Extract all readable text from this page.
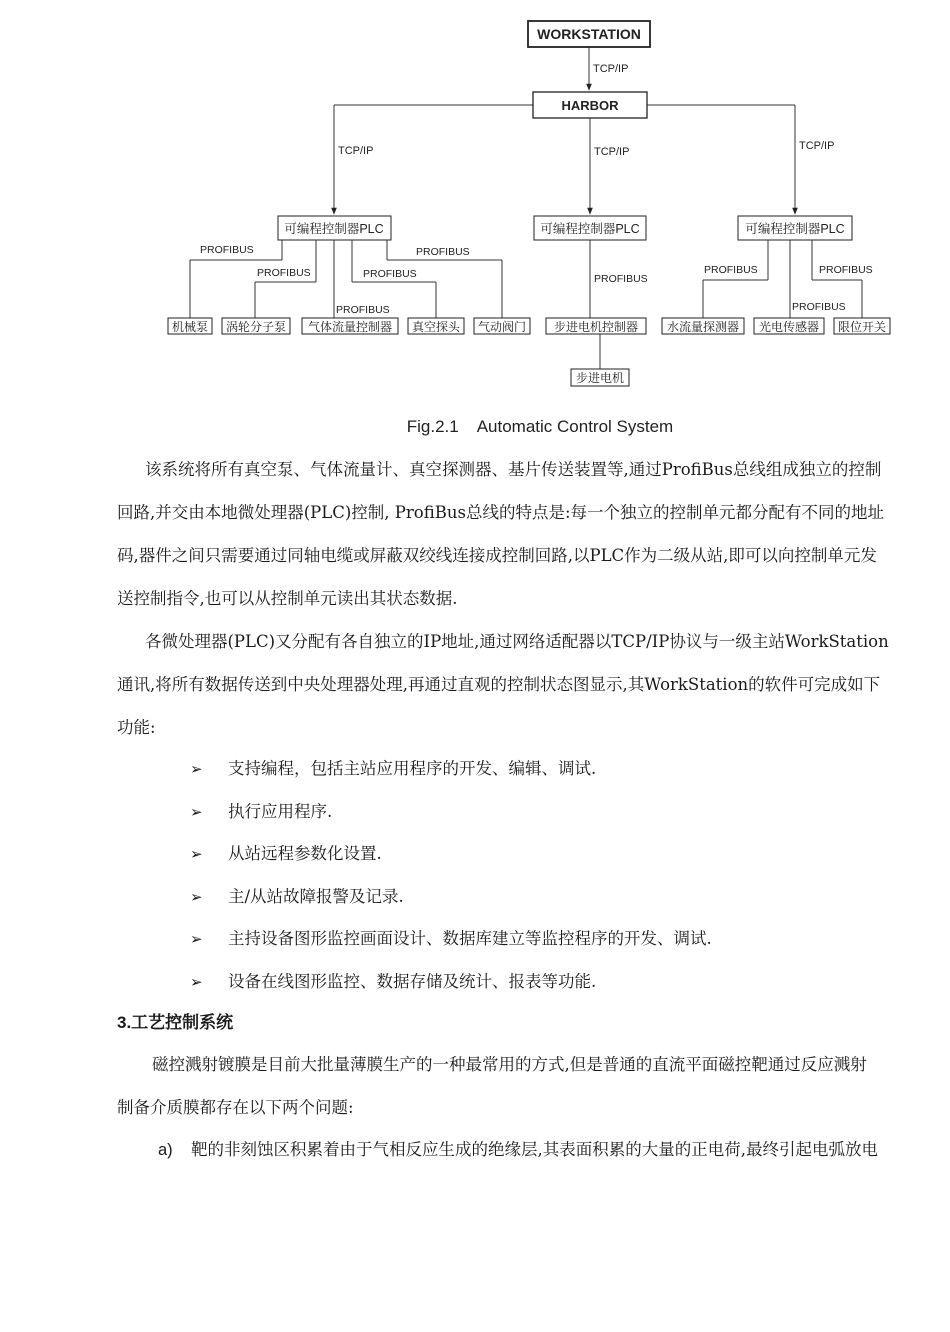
WORKSTATION
HARBOR
TCP/IP
TCP/IP	TCP/IP	TCP/IP
可编程控制器PLC	可编程控制器PLC	可编程控制器PLC
PROFIBUS
PROFIBUS
PROFIBUS
PROFIBUS
PROFIBUS
PROFIBUS
PROFIBUS
PROFIBUS
PROFIBUS
机械泵 涡轮分子泵 气体流量控制器 真空探头 气动阀门 步进电机控制器
步进电机
水流量探测器 光电传感器 限位开关
Fig.2.1    Automatic Control System

该系统将所有真空泵、气体流量计、真空探测器、基片传送装置等,通过ProfiBus总线组成独立的控制
回路,并交由本地微处理器(PLC)控制, ProfiBus总线的特点是:每一个独立的控制单元都分配有不同的地址
码,器件之间只需要通过同轴电缆或屏蔽双绞线连接成控制回路,以PLC作为二级从站,即可以向控制单元发
送控制指令,也可以从控制单元读出其状态数据.

各微处理器(PLC)又分配有各自独立的IP地址,通过网络适配器以TCP/IP协议与一级主站WorkStation
通讯,将所有数据传送到中央处理器处理,再通过直观的控制状态图显示,其WorkStation的软件可完成如下
功能:

➢ 支持编程，包括主站应用程序的开发、编辑、调试.
➢ 执行应用程序.
➢ 从站远程参数化设置.
➢ 主/从站故障报警及记录.
➢ 主持设备图形监控画面设计、数据库建立等监控程序的开发、调试.
➢ 设备在线图形监控、数据存储及统计、报表等功能.
3.工艺控制系统

磁控溅射镀膜是目前大批量薄膜生产的一种最常用的方式,但是普通的直流平面磁控靶通过反应溅射
制备介质膜都存在以下两个问题:

a) 靶的非刻蚀区积累着由于气相反应生成的绝缘层,其表面积累的大量的正电荷,最终引起电弧放电
